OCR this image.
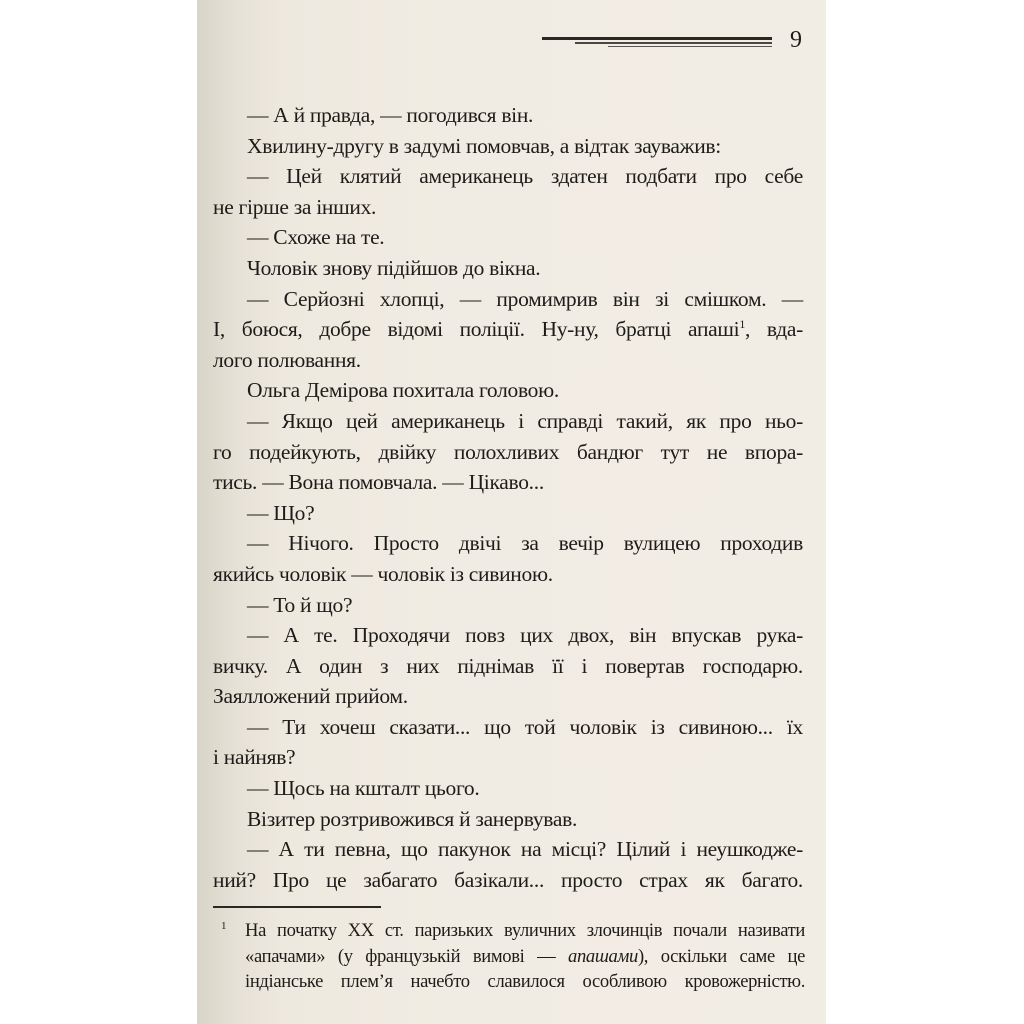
9
— А й правда, — погодився він.
Хвилину-другу в задумі помовчав, а відтак зауважив:
— Цей клятий американець здатен подбати про себе
не гірше за інших.
— Схоже на те.
Чоловік знову підійшов до вікна.
— Серйозні хлопці, — промимрив він зі смішком. —
І, боюся, добре відомі поліції. Ну-ну, братці апаші$^1$, вда-
лого полювання.
Ольга Демірова похитала головою.
— Якщо цей американець і справді такий, як про ньо-
го подейкують, двійку полохливих бандюг тут не впора-
тись. — Вона помовчала. — Цікаво...
— Що?
— Нічого. Просто двічі за вечір вулицею проходив
якийсь чоловік — чоловік із сивиною.
— То й що?
— А те. Проходячи повз цих двох, він впускав рука-
вичку. А один з них піднімав її і повертав господарю.
Заялложений прийом.
— Ти хочеш сказати... що той чоловік із сивиною... їх
і найняв?
— Щось на кшталт цього.
Візитер розтривожився й занервував.
— А ти певна, що пакунок на місці? Цілий і неушкодже-
ний? Про це забагато базікали... просто страх як багато.
1	На початку XX ст. паризьких вуличних злочинців почали називати
«апачами» (у французькій вимові — апашами), оскільки саме це
індіанське плем’я начебто славилося особливою кровожерністю.
